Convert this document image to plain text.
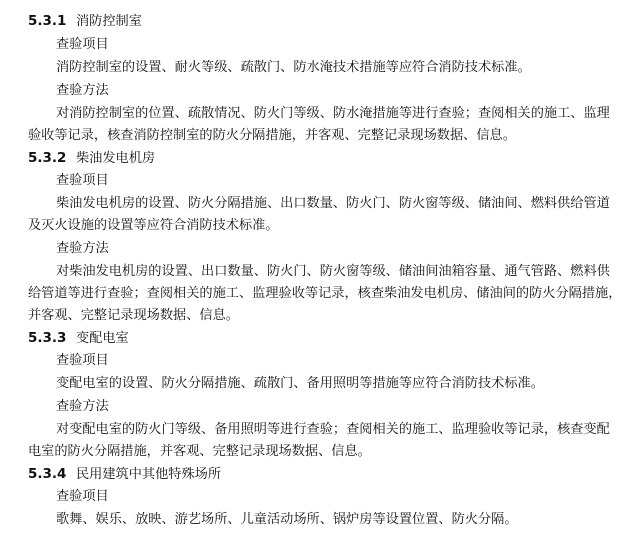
5.3.1 消防控制室
查验项目
消防控制室的设置、耐火等级、疏散门、防水淹技术措施等应符合消防技术标准。
查验方法
对消防控制室的位置、疏散情况、防火门等级、防水淹措施等进行查验；查阅相关的施工、监理
验收等记录，核查消防控制室的防火分隔措施，并客观、完整记录现场数据、信息。
5.3.2 柴油发电机房
查验项目
柴油发电机房的设置、防火分隔措施、出口数量、防火门、防火窗等级、储油间、燃料供给管道
及灭火设施的设置等应符合消防技术标准。
查验方法
对柴油发电机房的设置、出口数量、防火门、防火窗等级、储油间油箱容量、通气管路、燃料供
给管道等进行查验；查阅相关的施工、监理验收等记录，核查柴油发电机房、储油间的防火分隔措施，
并客观、完整记录现场数据、信息。
5.3.3 变配电室
查验项目
变配电室的设置、防火分隔措施、疏散门、备用照明等措施等应符合消防技术标准。
查验方法
对变配电室的防火门等级、备用照明等进行查验；查阅相关的施工、监理验收等记录，核查变配
电室的防火分隔措施，并客观、完整记录现场数据、信息。
5.3.4 民用建筑中其他特殊场所
查验项目
歌舞、娱乐、放映、游艺场所、儿童活动场所、锅炉房等设置位置、防火分隔。
